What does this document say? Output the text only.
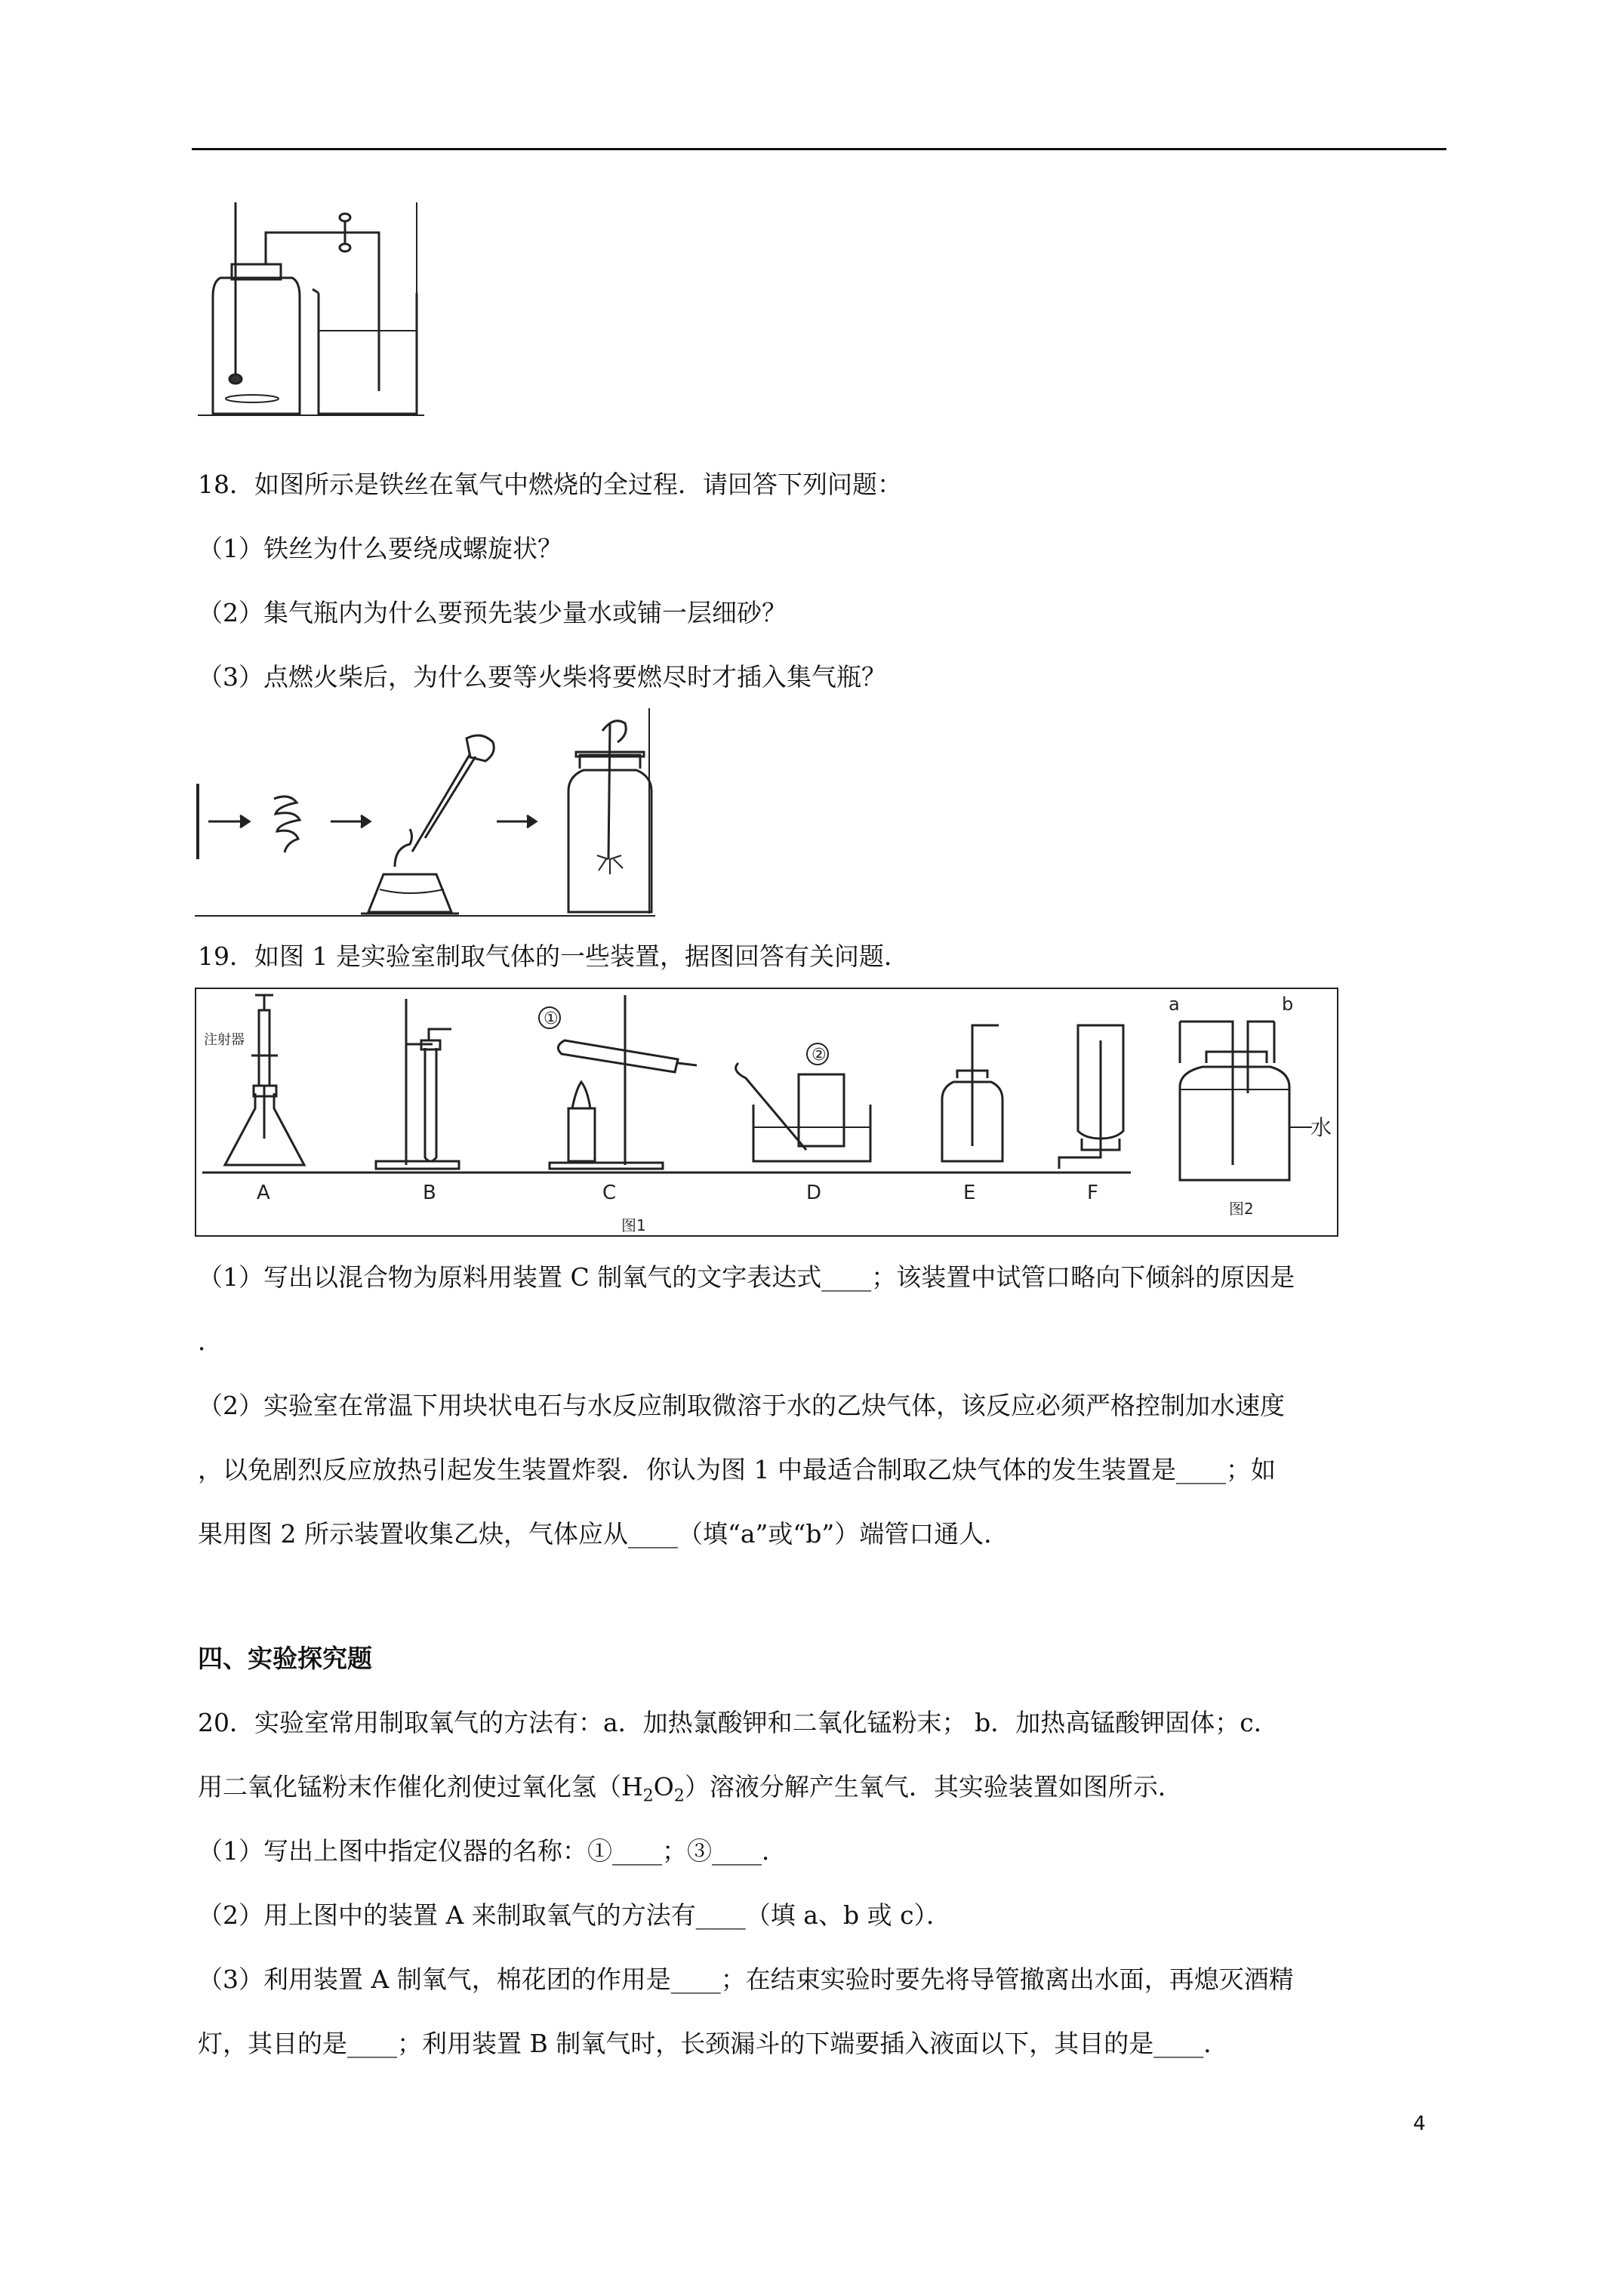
18．如图所示是铁丝在氧气中燃烧的全过程．请回答下列问题：
（1）铁丝为什么要绕成螺旋状？
（2）集气瓶内为什么要预先装少量水或铺一层细砂？
（3）点燃火柴后，为什么要等火柴将要燃尽时才插入集气瓶？
19．如图 1 是实验室制取气体的一些装置，据图回答有关问题．
注射器
A	B
①
C
②
D	E	F
图1
a	b
水
图2
（1）写出以混合物为原料用装置 C 制氧气的文字表达式____；该装置中试管口略向下倾斜的原因是
．
（2）实验室在常温下用块状电石与水反应制取微溶于水的乙炔气体，该反应必须严格控制加水速度
，以免剧烈反应放热引起发生装置炸裂．你认为图 1 中最适合制取乙炔气体的发生装置是____；如
果用图 2 所示装置收集乙炔，气体应从____（填“a”或“b”）端管口通人．
四、实验探究题
20．实验室常用制取氧气的方法有：a．加热氯酸钾和二氧化锰粉末； b．加热高锰酸钾固体；c．
用二氧化锰粉末作催化剂使过氧化氢$(H_2O_2)$溶液分解产生氧气．其实验装置如图所示．
（1）写出上图中指定仪器的名称：①____；③____．
（2）用上图中的装置 A 来制取氧气的方法有____（填 a、b 或 c）．
（3）利用装置 A 制氧气，棉花团的作用是____；在结束实验时要先将导管撤离出水面，再熄灭酒精
灯，其目的是____；利用装置 B 制氧气时，长颈漏斗的下端要插入液面以下，其目的是____．
4
